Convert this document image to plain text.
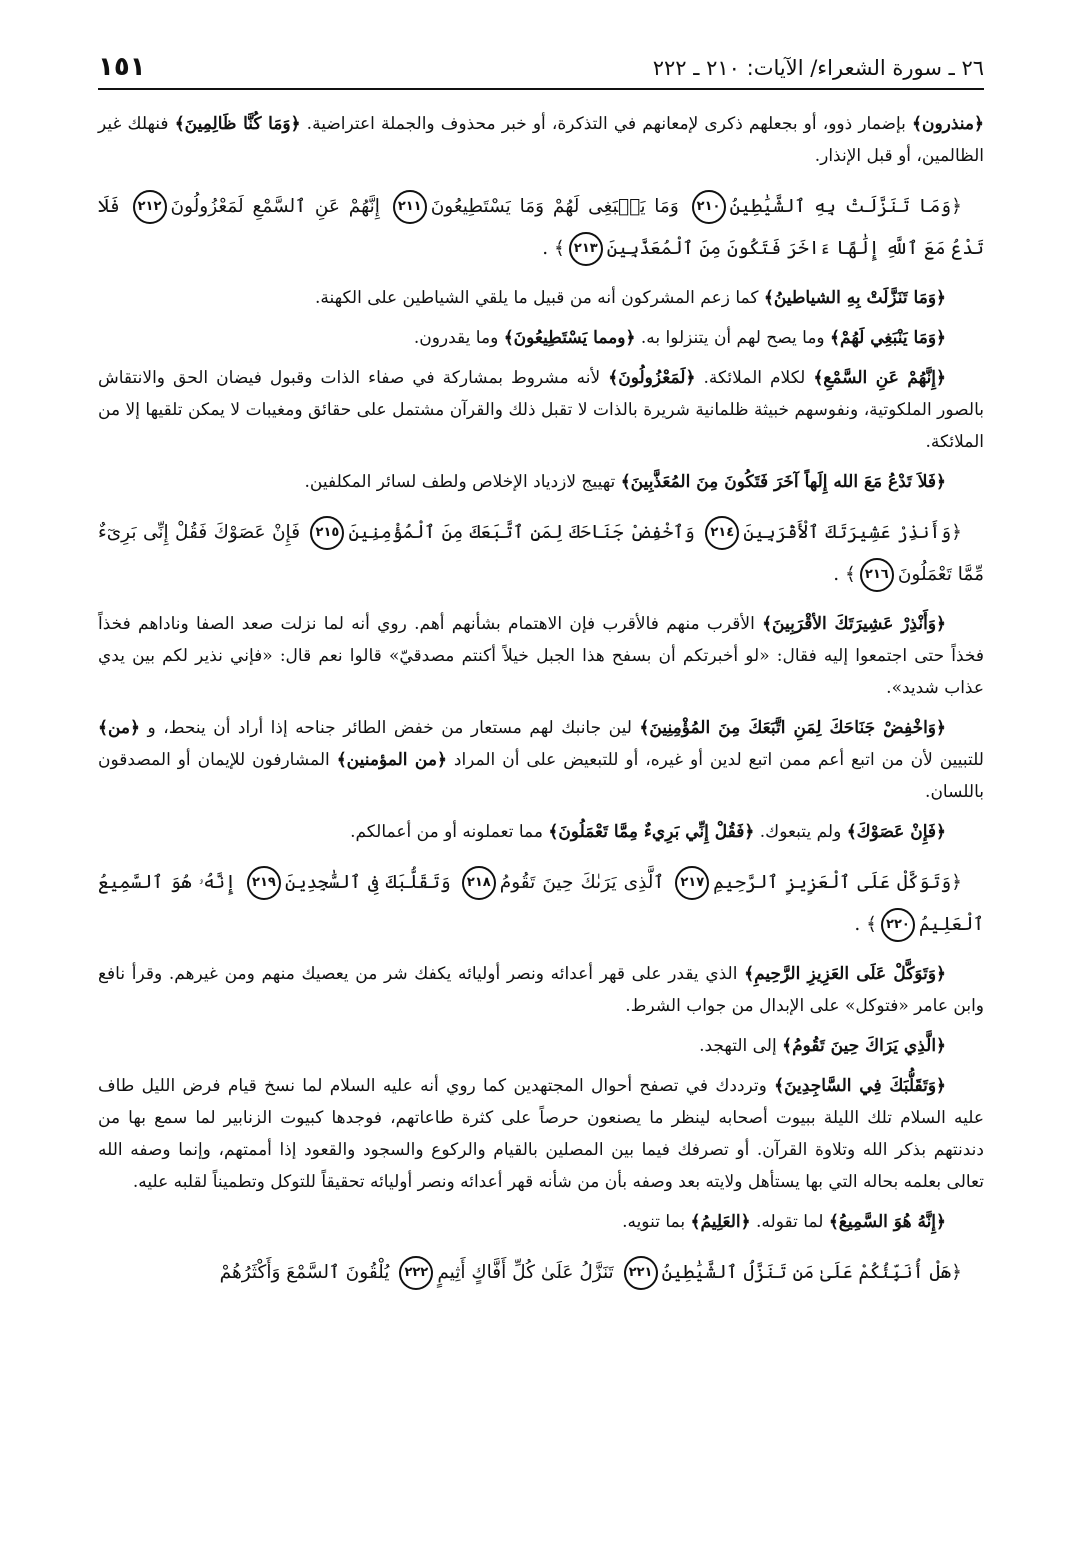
٢٦ ـ سورة الشعراء/ الآيات: ٢١٠ ـ ٢٢٢
١٥١

﴿منذرون﴾ بإضمار ذوو، أو بجعلهم ذكرى لإمعانهم في التذكرة، أو خبر محذوف والجملة اعتراضية. ﴿وَمَا كُنَّا ظَالِمِينَ﴾ فنهلك غير الظالمين، أو قبل الإنذار.

﴿وَمَا تَنَزَّلَتْ بِهِ ٱلشَّيَٰطِينُ٢١٠ وَمَا يَنۢبَغِى لَهُمْ وَمَا يَسْتَطِيعُونَ٢١١ إِنَّهُمْ عَنِ ٱلسَّمْعِ لَمَعْزُولُونَ٢١٢ فَلَا تَدْعُ مَعَ ٱللَّهِ إِلَٰهًا ءَاخَرَ فَتَكُونَ مِنَ ٱلْمُعَذَّبِينَ٢١٣﴾ .

﴿وَمَا تَنَزَّلَتْ بِهِ الشياطينُ﴾ كما زعم المشركون أنه من قبيل ما يلقي الشياطين على الكهنة.

﴿وَمَا يَنْبَغِي لَهُمْ﴾ وما يصح لهم أن يتنزلوا به. ﴿ومما يَسْتَطِيعُونَ﴾ وما يقدرون.

﴿إِنَّهُمْ عَنِ السَّمْعِ﴾ لكلام الملائكة. ﴿لَمَعْزُولُونَ﴾ لأنه مشروط بمشاركة في صفاء الذات وقبول فيضان الحق والانتقاش بالصور الملكوتية، ونفوسهم خبيثة ظلمانية شريرة بالذات لا تقبل ذلك والقرآن مشتمل على حقائق ومغيبات لا يمكن تلقيها إلا من الملائكة.

﴿فَلاَ تَدْعُ مَعَ الله إِلَهاً آخَرَ فَتَكُونَ مِنَ المُعَذَّبِينَ﴾ تهييج لازدياد الإخلاص ولطف لسائر المكلفين.

﴿وَأَنذِرْ عَشِيرَتَكَ ٱلْأَقْرَبِينَ٢١٤ وَٱخْفِضْ جَنَاحَكَ لِمَنِ ٱتَّبَعَكَ مِنَ ٱلْمُؤْمِنِينَ٢١٥ فَإِنْ عَصَوْكَ فَقُلْ إِنِّى بَرِىٓءٌ مِّمَّا تَعْمَلُونَ٢١٦﴾ .

﴿وَأَنْذِرْ عَشِيرَتَكَ الأقْرَبِينَ﴾ الأقرب منهم فالأقرب فإن الاهتمام بشأنهم أهم. روي أنه لما نزلت صعد الصفا وناداهم فخذاً فخذاً حتى اجتمعوا إليه فقال: «لو أخبرتكم أن بسفح هذا الجبل خيلاً أكنتم مصدقيّ» قالوا نعم قال: «فإني نذير لكم بين يدي عذاب شديد».

﴿وَاخْفِضْ جَنَاحَكَ لِمَنِ اتَّبَعَكَ مِنَ المُؤْمِنِينَ﴾ لين جانبك لهم مستعار من خفض الطائر جناحه إذا أراد أن ينحط، و ﴿من﴾ للتبيين لأن من اتبع أعم ممن اتبع لدين أو غيره، أو للتبعيض على أن المراد ﴿من المؤمنين﴾ المشارفون للإيمان أو المصدقون باللسان.

﴿فَإِنْ عَصَوْكَ﴾ ولم يتبعوك. ﴿فَقُلْ إِنِّي بَرِيءٌ مِمَّا تَعْمَلُونَ﴾ مما تعملونه أو من أعمالكم.

﴿وَتَوَكَّلْ عَلَى ٱلْعَزِيزِ ٱلرَّحِيمِ٢١٧ ٱلَّذِى يَرَىٰكَ حِينَ تَقُومُ٢١٨ وَتَقَلُّبَكَ فِى ٱلسَّٰجِدِينَ٢١٩ إِنَّهُۥ هُوَ ٱلسَّمِيعُ ٱلْعَلِيمُ٢٢٠﴾ .

﴿وَتَوَكَّلْ عَلَى العَزِيزِ الرَّحِيمِ﴾ الذي يقدر على قهر أعدائه ونصر أوليائه يكفك شر من يعصيك منهم ومن غيرهم. وقرأ نافع وابن عامر «فتوكل» على الإبدال من جواب الشرط.

﴿الَّذِي يَرَاكَ حِينَ تَقُومُ﴾ إلى التهجد.

﴿وَتَقَلُّبَكَ فِي السَّاجِدِينَ﴾ وترددك في تصفح أحوال المجتهدين كما روي أنه عليه السلام لما نسخ قيام فرض الليل طاف عليه السلام تلك الليلة ببيوت أصحابه لينظر ما يصنعون حرصاً على كثرة طاعاتهم، فوجدها كبيوت الزنابير لما سمع بها من دندنتهم بذكر الله وتلاوة القرآن. أو تصرفك فيما بين المصلين بالقيام والركوع والسجود والقعود إذا أممتهم، وإنما وصفه الله تعالى بعلمه بحاله التي بها يستأهل ولايته بعد وصفه بأن من شأنه قهر أعدائه ونصر أوليائه تحقيقاً للتوكل وتطميناً لقلبه عليه.

﴿إِنَّهُ هُوَ السَّمِيعُ﴾ لما تقوله. ﴿العَلِيمُ﴾ بما تنويه.

﴿هَلْ أُنَبِّئُكُمْ عَلَىٰ مَن تَنَزَّلُ ٱلشَّيَٰطِينُ٢٢١ تَنَزَّلُ عَلَىٰ كُلِّ أَفَّاكٍ أَثِيمٍ٢٢٢ يُلْقُونَ ٱلسَّمْعَ وَأَكْثَرُهُمْ
